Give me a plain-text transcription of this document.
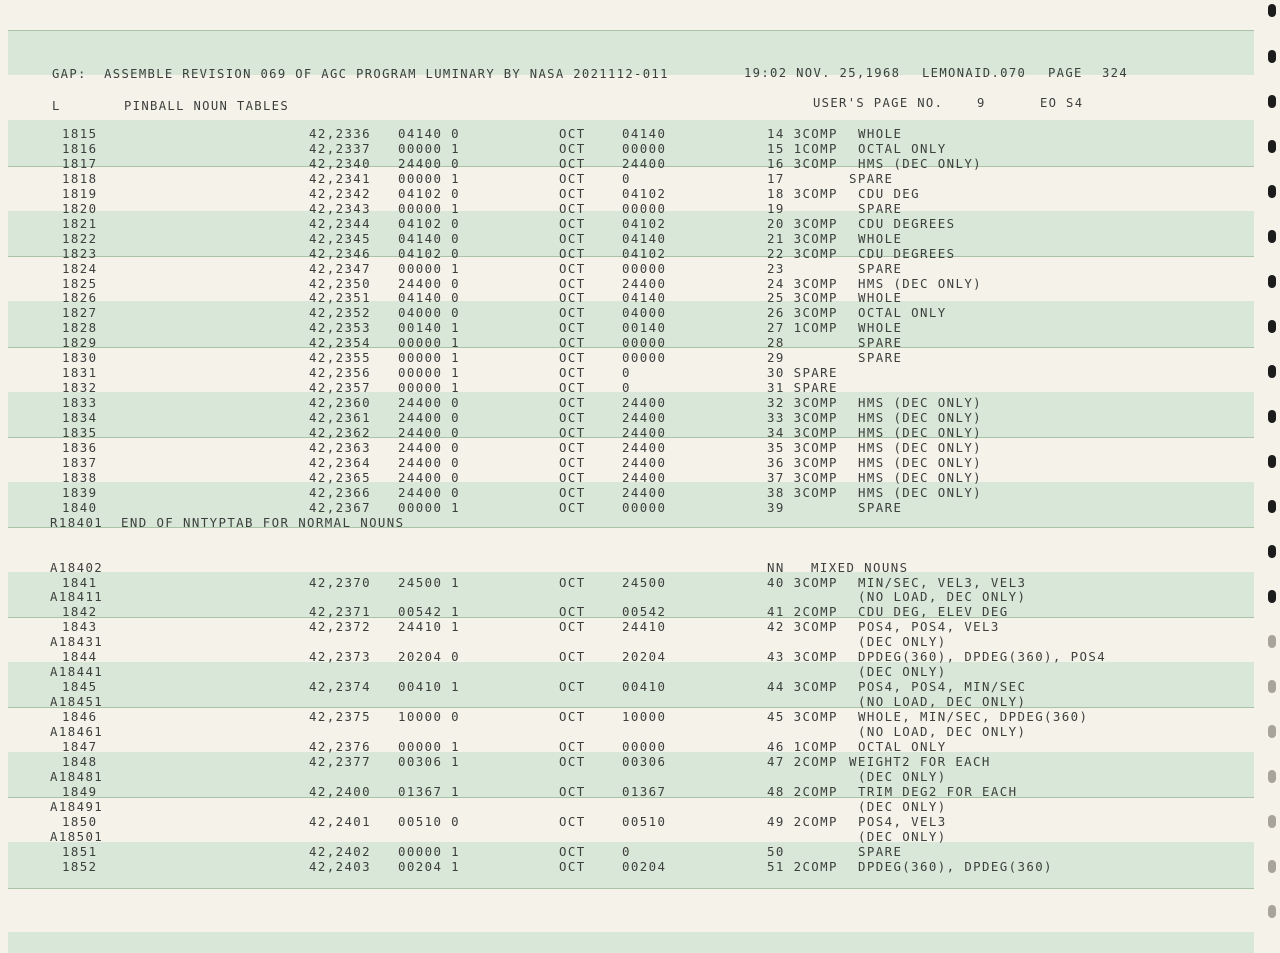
GAP:  ASSEMBLE REVISION 069 OF AGC PROGRAM LUMINARY BY NASA 2021112-011	19:02 NOV. 25,1968 LEMONAID.070 PAGE 324
L	PINBALL NOUN TABLES	USER'S PAGE NO.	9	EO S4
1815	42,2336 04140 0	OCT	04140	14 3COMP WHOLE
1816	42,2337 00000 1	OCT	00000	15 1COMP OCTAL ONLY
1817	42,2340 24400 0	OCT	24400	16 3COMP HMS (DEC ONLY)
1818	42,2341 00000 1	OCT	0	17	SPARE
1819	42,2342 04102 0	OCT	04102	18 3COMP CDU DEG
1820	42,2343 00000 1	OCT	00000	19	SPARE
1821	42,2344 04102 0	OCT	04102	20 3COMP CDU DEGREES
1822	42,2345 04140 0	OCT	04140	21 3COMP WHOLE
1823	42,2346 04102 0	OCT	04102	22 3COMP CDU DEGREES
1824	42,2347 00000 1	OCT	00000	23	SPARE
1825	42,2350 24400 0	OCT	24400	24 3COMP HMS (DEC ONLY)
1826	42,2351 04140 0	OCT	04140	25 3COMP WHOLE
1827	42,2352 04000 0	OCT	04000	26 3COMP OCTAL ONLY
1828	42,2353 00140 1	OCT	00140	27 1COMP WHOLE
1829	42,2354 00000 1	OCT	00000	28	SPARE
1830	42,2355 00000 1	OCT	00000	29	SPARE
1831	42,2356 00000 1	OCT	0	30 SPARE
1832	42,2357 00000 1	OCT	0	31 SPARE
1833	42,2360 24400 0	OCT	24400	32 3COMP HMS (DEC ONLY)
1834	42,2361 24400 0	OCT	24400	33 3COMP HMS (DEC ONLY)
1835	42,2362 24400 0	OCT	24400	34 3COMP HMS (DEC ONLY)
1836	42,2363 24400 0	OCT	24400	35 3COMP HMS (DEC ONLY)
1837	42,2364 24400 0	OCT	24400	36 3COMP HMS (DEC ONLY)
1838	42,2365 24400 0	OCT	24400	37 3COMP HMS (DEC ONLY)
1839	42,2366 24400 0	OCT	24400	38 3COMP HMS (DEC ONLY)
1840	42,2367 00000 1	OCT	00000	39	SPARE
R18401 END OF NNTYPTAB FOR NORMAL NOUNS
A18402	NN MIXED NOUNS
1841	42,2370 24500 1	OCT	24500	40 3COMP MIN/SEC, VEL3, VEL3
A18411	(NO LOAD, DEC ONLY)
1842	42,2371 00542 1	OCT	00542	41 2COMP CDU DEG, ELEV DEG
1843	42,2372 24410 1	OCT	24410	42 3COMP POS4, POS4, VEL3
A18431	(DEC ONLY)
1844	42,2373 20204 0	OCT	20204	43 3COMP DPDEG(360), DPDEG(360), POS4
A18441	(DEC ONLY)
1845	42,2374 00410 1	OCT	00410	44 3COMP POS4, POS4, MIN/SEC
A18451	(NO LOAD, DEC ONLY)
1846	42,2375 10000 0	OCT	10000	45 3COMP WHOLE, MIN/SEC, DPDEG(360)
A18461	(NO LOAD, DEC ONLY)
1847	42,2376 00000 1	OCT	00000	46 1COMP OCTAL ONLY
1848	42,2377 00306 1	OCT	00306	47 2COMP WEIGHT2 FOR EACH
A18481	(DEC ONLY)
1849	42,2400 01367 1	OCT	01367	48 2COMP TRIM DEG2 FOR EACH
A18491	(DEC ONLY)
1850	42,2401 00510 0	OCT	00510	49 2COMP POS4, VEL3
A18501	(DEC ONLY)
1851	42,2402 00000 1	OCT	0	50	SPARE
1852	42,2403 00204 1	OCT	00204	51 2COMP DPDEG(360), DPDEG(360)
